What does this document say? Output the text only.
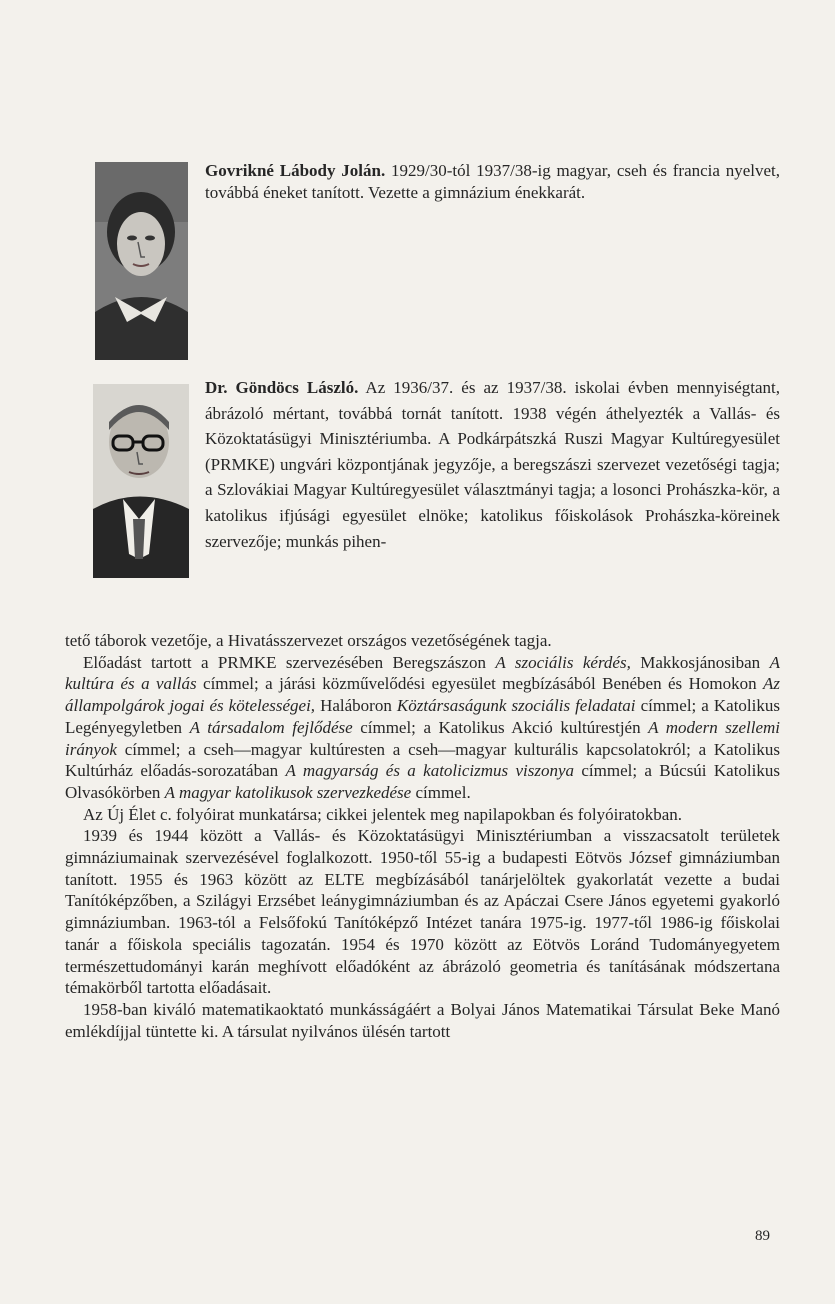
Govrikné Lábody Jolán. 1929/30-tól 1937/38-ig magyar, cseh és francia nyelvet, továbbá éneket tanított. Vezette a gimnázium énekkarát.
Dr. Göndöcs László. Az 1936/37. és az 1937/38. iskolai évben mennyiségtant, ábrázoló mértant, továbbá tornát tanított. 1938 végén áthelyezték a Vallás- és Közoktatásügyi Minisztériumba. A Podkárpátszká Ruszi Magyar Kultúregyesület (PRMKE) ungvári központjának jegyzője, a beregszászi szervezet vezetőségi tagja; a Szlovákiai Magyar Kultúregyesület választmányi tagja; a losonci Prohászka-kör, a katolikus ifjúsági egyesület elnöke; katolikus főiskolások Prohászka-köreinek szervezője; munkás pihen-

tető táborok vezetője, a Hivatásszervezet országos vezetőségének tagja.

Előadást tartott a PRMKE szervezésében Beregszászon A szociális kérdés, Makkosjánosiban A kultúra és a vallás címmel; a járási közművelődési egyesület megbízásából Benében és Homokon Az állampolgárok jogai és kötelességei, Haláboron Köztársaságunk szociális feladatai címmel; a Katolikus Legényegyletben A társadalom fejlődése címmel; a Katolikus Akció kultúrestjén A modern szellemi irányok címmel; a cseh—magyar kultúresten a cseh—magyar kulturális kapcsolatokról; a Katolikus Kultúrház előadás-sorozatában A magyarság és a katolicizmus viszonya címmel; a Búcsúi Katolikus Olvasókörben A magyar katolikusok szervezkedése címmel.

Az Új Élet c. folyóirat munkatársa; cikkei jelentek meg napilapokban és folyóiratokban.

1939 és 1944 között a Vallás- és Közoktatásügyi Minisztériumban a visszacsatolt területek gimnáziumainak szervezésével foglalkozott. 1950-től 55-ig a budapesti Eötvös József gimnáziumban tanított. 1955 és 1963 között az ELTE megbízásából tanárjelöltek gyakorlatát vezette a budai Tanítóképzőben, a Szilágyi Erzsébet leánygimnáziumban és az Apáczai Csere János egyetemi gyakorló gimnáziumban. 1963-tól a Felsőfokú Tanítóképző Intézet tanára 1975-ig. 1977-től 1986-ig főiskolai tanár a főiskola speciális tagozatán. 1954 és 1970 között az Eötvös Loránd Tudományegyetem természettudományi karán meghívott előadóként az ábrázoló geometria és tanításának módszertana témakörből tartotta előadásait.

1958-ban kiváló matematikaoktató munkásságáért a Bolyai János Matematikai Társulat Beke Manó emlékdíjjal tüntette ki. A társulat nyilvános ülésén tartott

89
